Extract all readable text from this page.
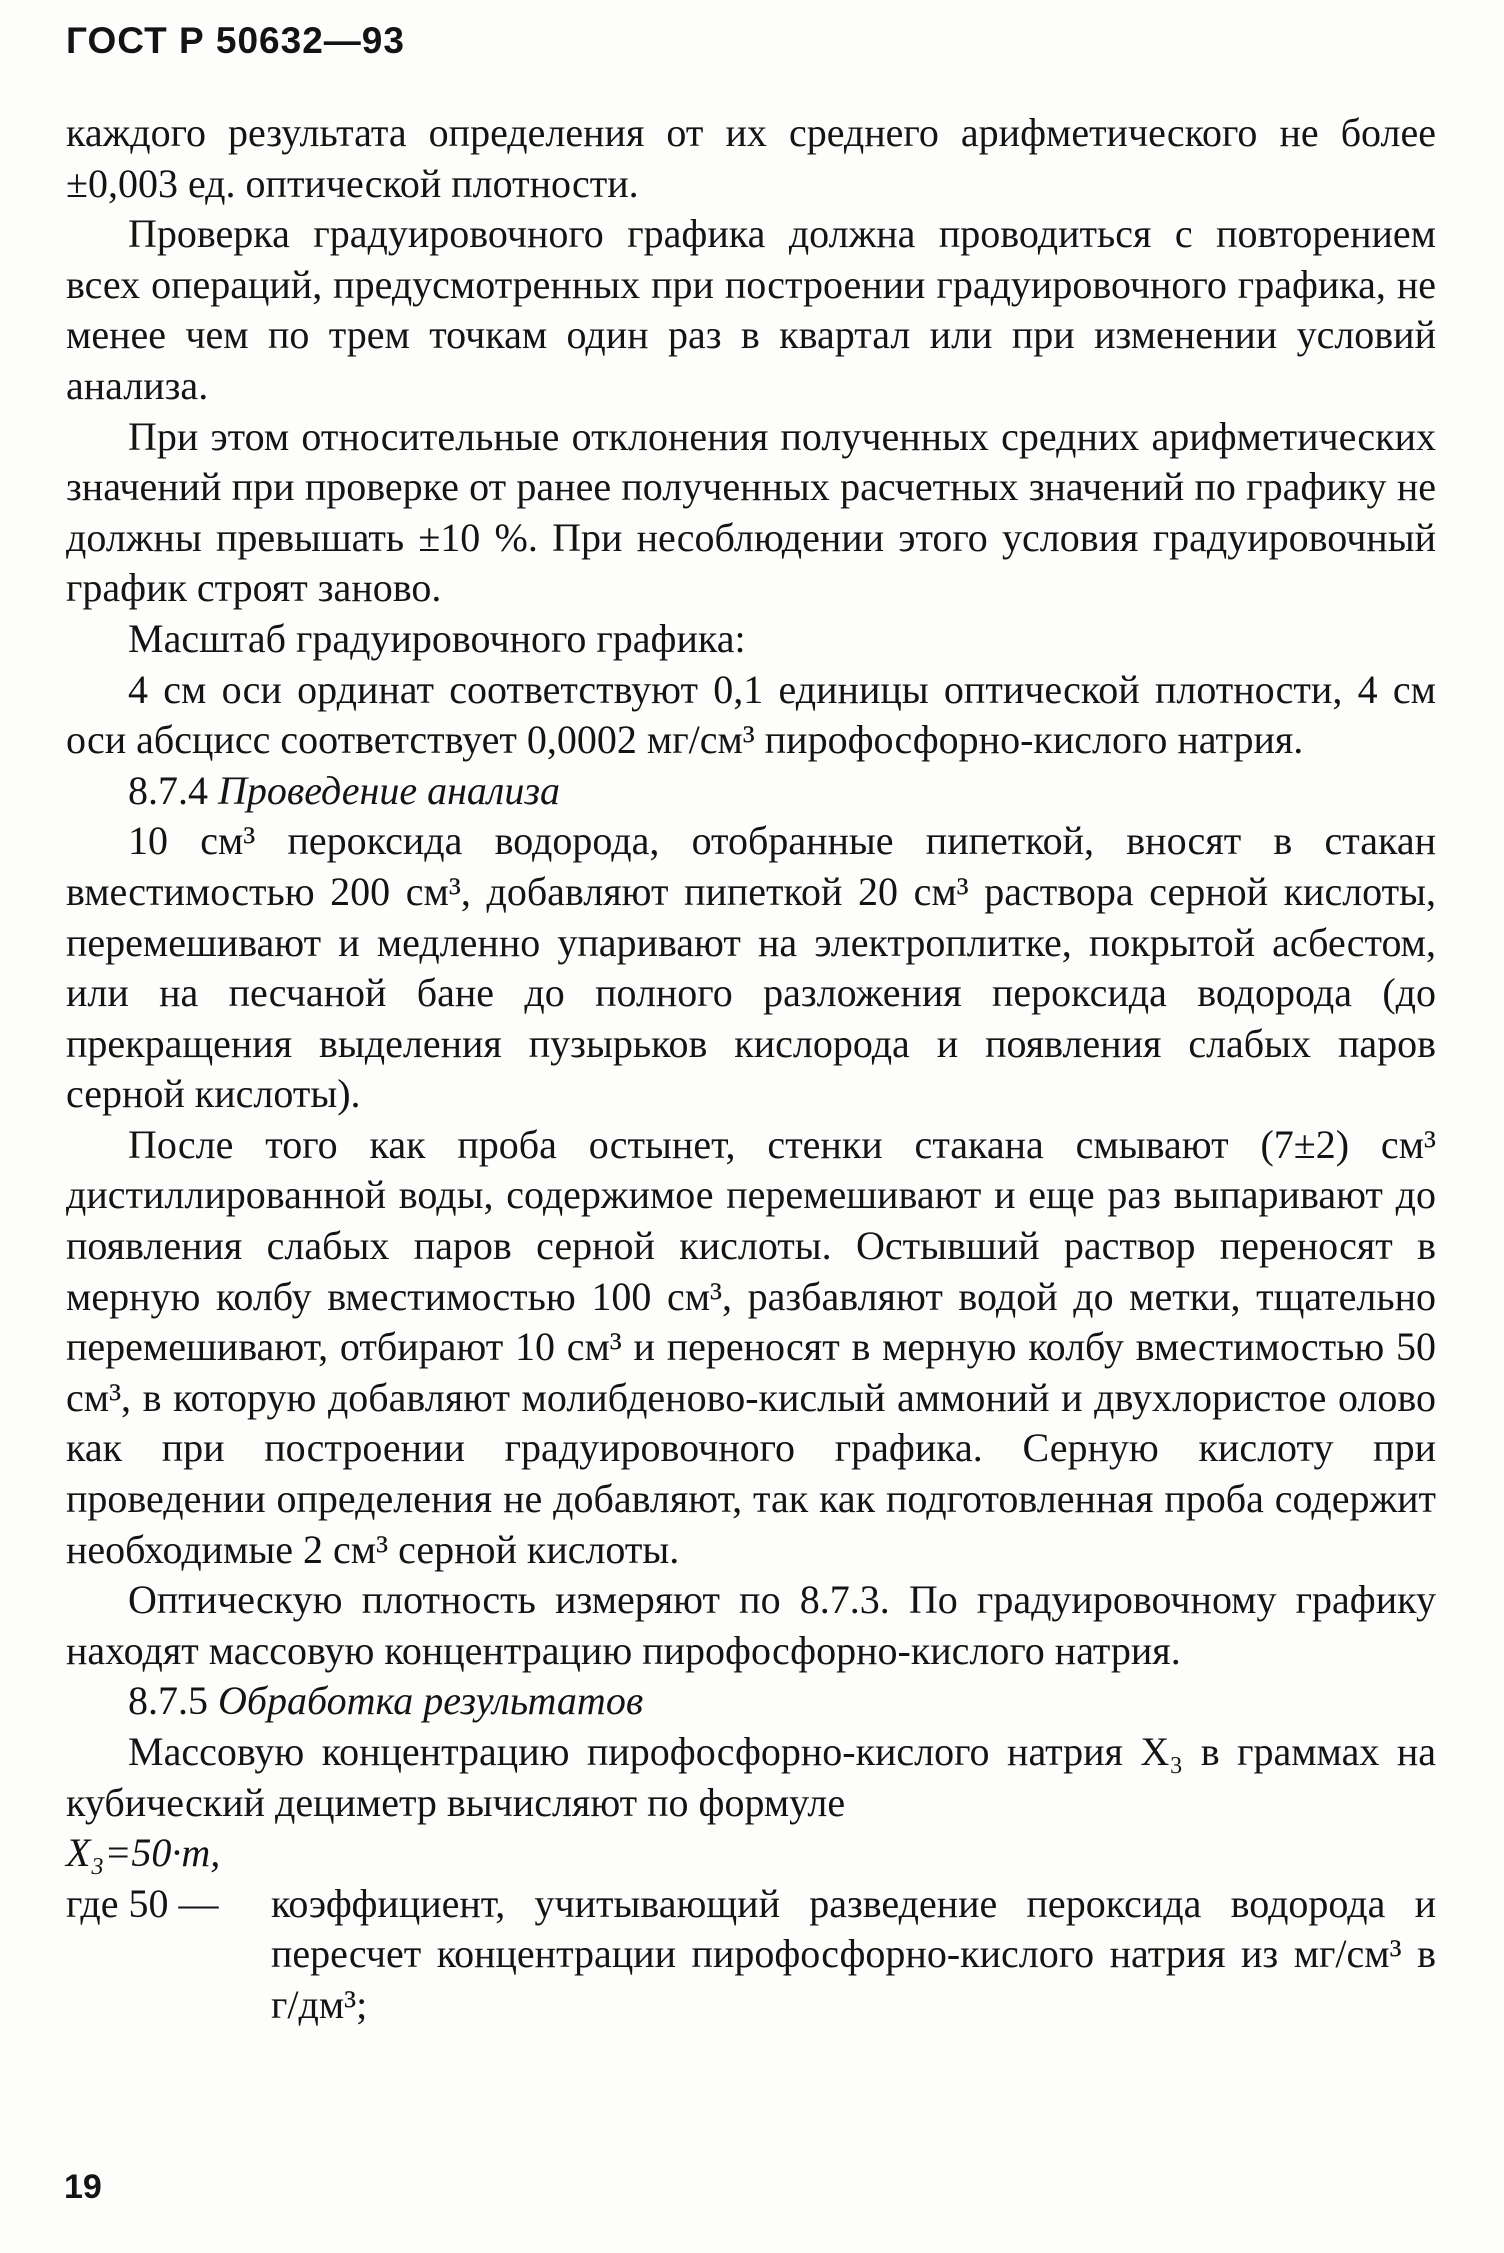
ГОСТ Р 50632—93

каждого результата определения от их среднего арифметического не более ±0,003 ед. оптической плотности.

Проверка градуировочного графика должна проводиться с повторением всех операций, предусмотренных при построении градуировочного графика, не менее чем по трем точкам один раз в квартал или при изменении условий анализа.

При этом относительные отклонения полученных средних арифметических значений при проверке от ранее полученных расчетных значений по графику не должны превышать ±10 %. При несоблюдении этого условия градуировочный график строят заново.

Масштаб градуировочного графика:

4 см оси ординат соответствуют 0,1 единицы оптической плотности, 4 см оси абсцисс соответствует 0,0002 мг/см³ пирофосфорно-кислого натрия.

8.7.4 Проведение анализа

10 см³ пероксида водорода, отобранные пипеткой, вносят в стакан вместимостью 200 см³, добавляют пипеткой 20 см³ раствора серной кислоты, перемешивают и медленно упаривают на электроплитке, покрытой асбестом, или на песчаной бане до полного разложения пероксида водорода (до прекращения выделения пузырьков кислорода и появления слабых паров серной кислоты).

После того как проба остынет, стенки стакана смывают (7±2) см³ дистиллированной воды, содержимое перемешивают и еще раз выпаривают до появления слабых паров серной кислоты. Остывший раствор переносят в мерную колбу вместимостью 100 см³, разбавляют водой до метки, тщательно перемешивают, отбирают 10 см³ и переносят в мерную колбу вместимостью 50 см³, в которую добавляют молибденово-кислый аммоний и двухлористое олово как при построении градуировочного графика. Серную кислоту при проведении определения не добавляют, так как подготовленная проба содержит необходимые 2 см³ серной кислоты.

Оптическую плотность измеряют по 8.7.3. По градуировочному графику находят массовую концентрацию пирофосфорно-кислого натрия.

8.7.5 Обработка результатов

Массовую концентрацию пирофосфорно-кислого натрия X₃ в граммах на кубический дециметр вычисляют по формуле

X₃=50·m,

где 50 —	коэффициент, учитывающий разведение пероксида водорода и пересчет концентрации пирофосфорно-кислого натрия из мг/см³ в г/дм³;
19
